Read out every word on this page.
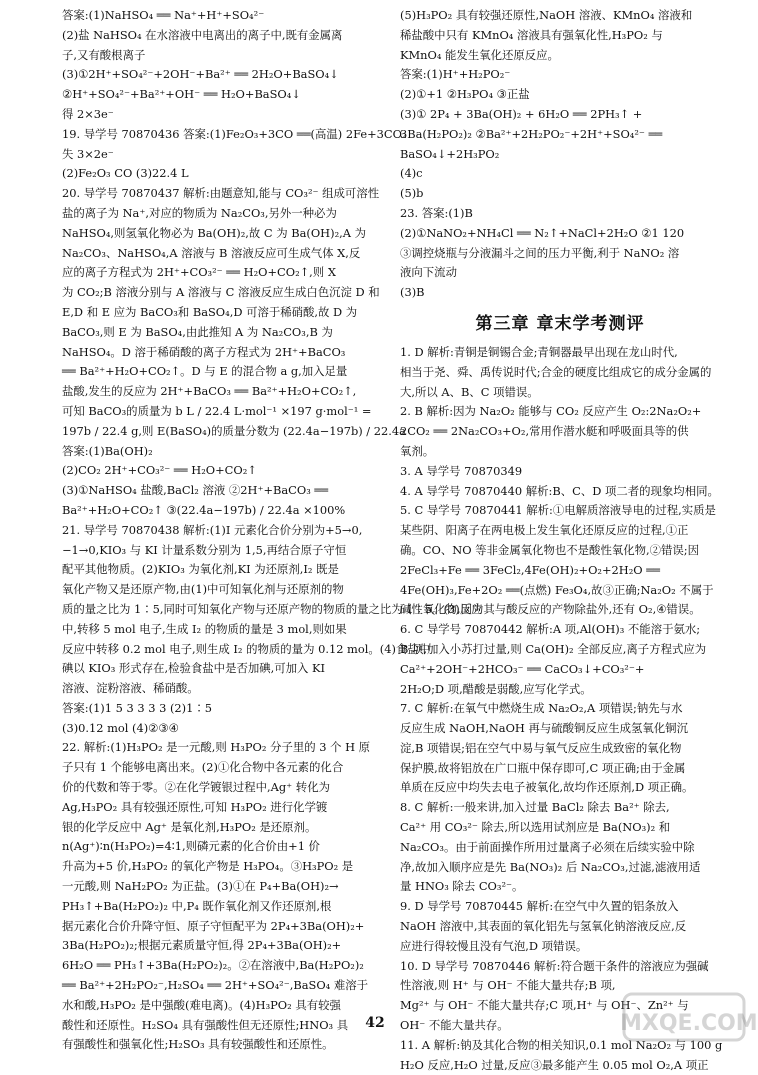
答案:(1)NaHSO₄ ══ Na⁺+H⁺+SO₄²⁻
(2)盐 NaHSO₄ 在水溶液中电离出的离子中,既有金属离
子,又有酸根离子
(3)①2H⁺+SO₄²⁻+2OH⁻+Ba²⁺ ══ 2H₂O+BaSO₄↓
②H⁺+SO₄²⁻+Ba²⁺+OH⁻ ══ H₂O+BaSO₄↓
得 2×3e⁻
19. 导学号 70870436 答案:(1)Fe₂O₃+3CO ══(高温) 2Fe+3CO₂
失 3×2e⁻
(2)Fe₂O₃ CO (3)22.4 L
20. 导学号 70870437 解析:由题意知,能与 CO₃²⁻ 组成可溶性
盐的离子为 Na⁺,对应的物质为 Na₂CO₃,另外一种必为
NaHSO₄,则氢氧化物必为 Ba(OH)₂,故 C 为 Ba(OH)₂,A 为
Na₂CO₃、NaHSO₄,A 溶液与 B 溶液反应可生成气体 X,反
应的离子方程式为 2H⁺+CO₃²⁻ ══ H₂O+CO₂↑,则 X
为 CO₂;B 溶液分别与 A 溶液与 C 溶液反应生成白色沉淀 D 和
E,D 和 E 应为 BaCO₃和 BaSO₄,D 可溶于稀硝酸,故 D 为
BaCO₃,则 E 为 BaSO₄,由此推知 A 为 Na₂CO₃,B 为
NaHSO₄。D 溶于稀硝酸的离子方程式为 2H⁺+BaCO₃
══ Ba²⁺+H₂O+CO₂↑。D 与 E 的混合物 a g,加入足量
盐酸,发生的反应为 2H⁺+BaCO₃ ══ Ba²⁺+H₂O+CO₂↑,
可知 BaCO₃的质量为 b L / 22.4 L·mol⁻¹ ×197 g·mol⁻¹ =
197b / 22.4 g,则 E(BaSO₄)的质量分数为 (22.4a−197b) / 22.4a
答案:(1)Ba(OH)₂
(2)CO₂ 2H⁺+CO₃²⁻ ══ H₂O+CO₂↑
(3)①NaHSO₄ 盐酸,BaCl₂ 溶液 ②2H⁺+BaCO₃ ══
Ba²⁺+H₂O+CO₂↑ ③(22.4a−197b) / 22.4a ×100%
21. 导学号 70870438 解析:(1)I 元素化合价分别为+5→0,
−1→0,KIO₃ 与 KI 计量系数分别为 1,5,再结合原子守恒
配平其他物质。(2)KIO₃ 为氧化剂,KI 为还原剂,I₂ 既是
氧化产物又是还原产物,由(1)中可知氧化剂与还原剂的物
质的量之比为 1∶5,同时可知氧化产物与还原产物的物质的量之比为 1∶5。(3)反应
中,转移 5 mol 电子,生成 I₂ 的物质的量是 3 mol,则如果
反应中转移 0.2 mol 电子,则生成 I₂ 的物质的量为 0.12 mol。(4)食盐中
碘以 KIO₃ 形式存在,检验食盐中是否加碘,可加入 KI
溶液、淀粉溶液、稀硝酸。
答案:(1)1 5 3 3 3 3 (2)1∶5
(3)0.12 mol (4)②③④
22. 解析:(1)H₃PO₂ 是一元酸,则 H₃PO₂ 分子里的 3 个 H 原
子只有 1 个能够电离出来。(2)①化合物中各元素的化合
价的代数和等于零。②在化学镀银过程中,Ag⁺ 转化为
Ag,H₃PO₂ 具有较强还原性,可知 H₃PO₂ 进行化学镀
银的化学反应中 Ag⁺ 是氧化剂,H₃PO₂ 是还原剂。
n(Ag⁺)∶n(H₃PO₂)=4∶1,则磷元素的化合价由+1 价
升高为+5 价,H₃PO₂ 的氧化产物是 H₃PO₄。③H₃PO₂ 是
一元酸,则 NaH₂PO₂ 为正盐。(3)①在 P₄+Ba(OH)₂→
PH₃↑+Ba(H₂PO₂)₂ 中,P₄ 既作氧化剂又作还原剂,根
据元素化合价升降守恒、原子守恒配平为 2P₄+3Ba(OH)₂+
3Ba(H₂PO₂)₂;根据元素质量守恒,得 2P₄+3Ba(OH)₂+
6H₂O ══ PH₃↑+3Ba(H₂PO₂)₂。②在溶液中,Ba(H₂PO₂)₂
══ Ba²⁺+2H₂PO₂⁻,H₂SO₄ ══ 2H⁺+SO₄²⁻,BaSO₄ 难溶于
水和酸,H₃PO₂ 是中强酸(难电离)。(4)H₃PO₂ 具有较强
酸性和还原性。H₂SO₄ 具有强酸性但无还原性;HNO₃ 具
有强酸性和强氧化性;H₂SO₃ 具有较强酸性和还原性。
(5)H₃PO₂ 具有较强还原性,NaOH 溶液、KMnO₄ 溶液和
稀盐酸中只有 KMnO₄ 溶液具有强氧化性,H₃PO₂ 与
KMnO₄ 能发生氧化还原反应。
答案:(1)H⁺+H₂PO₂⁻
(2)①+1 ②H₃PO₄ ③正盐
(3)① 2P₄ + 3Ba(OH)₂ + 6H₂O ══ 2PH₃↑ +
3Ba(H₂PO₂)₂ ②Ba²⁺+2H₂PO₂⁻+2H⁺+SO₄²⁻ ══
BaSO₄↓+2H₃PO₂
(4)c
(5)b
23. 答案:(1)B
(2)①NaNO₂+NH₄Cl ══ N₂↑+NaCl+2H₂O ②1 120
③调控烧瓶与分液漏斗之间的压力平衡,利于 NaNO₂ 溶
液向下流动
(3)B
第三章 章末学考测评
1. D 解析:青铜是铜锡合金;青铜器最早出现在龙山时代,
相当于尧、舜、禹传说时代;合金的硬度比组成它的成分金属的
大,所以 A、B、C 项错误。
2. B 解析:因为 Na₂O₂ 能够与 CO₂ 反应产生 O₂:2Na₂O₂+
2CO₂ ══ 2Na₂CO₃+O₂,常用作潜水艇和呼吸面具等的供
氧剂。
3. A 导学号 70870349
4. A 导学号 70870440 解析:B、C、D 项二者的现象均相同。
5. C 导学号 70870441 解析:①电解质溶液导电的过程,实质是
某些阴、阳离子在两电极上发生氧化还原反应的过程,①正
确。CO、NO 等非金属氧化物也不是酸性氧化物,②错误;因
2FeCl₃+Fe ══ 3FeCl₂,4Fe(OH)₂+O₂+2H₂O ══
4Fe(OH)₃,Fe+2O₂ ══(点燃) Fe₃O₄,故③正确;Na₂O₂ 不属于
碱性氧化物,因为其与酸反应的产物除盐外,还有 O₂,④错误。
6. C 导学号 70870442 解析:A 项,Al(OH)₃ 不能溶于氨水;
B 项,加入小苏打过量,则 Ca(OH)₂ 全部反应,离子方程式应为
Ca²⁺+2OH⁻+2HCO₃⁻ ══ CaCO₃↓+CO₃²⁻+
2H₂O;D 项,醋酸是弱酸,应写化学式。
7. C 解析:在氧气中燃烧生成 Na₂O₂,A 项错误;钠先与水
反应生成 NaOH,NaOH 再与硫酸铜反应生成氢氧化铜沉
淀,B 项错误;铝在空气中易与氧气反应生成致密的氧化物
保护膜,故将铝放在广口瓶中保存即可,C 项正确;由于金属
单质在反应中均失去电子被氧化,故均作还原剂,D 项正确。
8. C 解析:一般来讲,加入过量 BaCl₂ 除去 Ba²⁺ 除去,
Ca²⁺ 用 CO₃²⁻ 除去,所以选用试剂应是 Ba(NO₃)₂ 和
Na₂CO₃。由于前面操作所用过量离子必须在后续实验中除
净,故加入顺序应是先 Ba(NO₃)₂ 后 Na₂CO₃,过滤,滤液用适
量 HNO₃ 除去 CO₃²⁻。
9. D 导学号 70870445 解析:在空气中久置的铝条放入
NaOH 溶液中,其表面的氧化铝先与氢氧化钠溶液反应,反
应进行得较慢且没有气泡,D 项错误。
10. D 导学号 70870446 解析:符合题干条件的溶液应为强碱
性溶液,则 H⁺ 与 OH⁻ 不能大量共存;B 项,
Mg²⁺ 与 OH⁻ 不能大量共存;C 项,H⁺ 与 OH⁻、Zn²⁺ 与
OH⁻ 不能大量共存。
11. A 解析:钠及其化合物的相关知识,0.1 mol Na₂O₂ 与 100 g
H₂O 反应,H₂O 过量,反应③最多能产生 0.05 mol O₂,A 项正
MXQE.COM
42
